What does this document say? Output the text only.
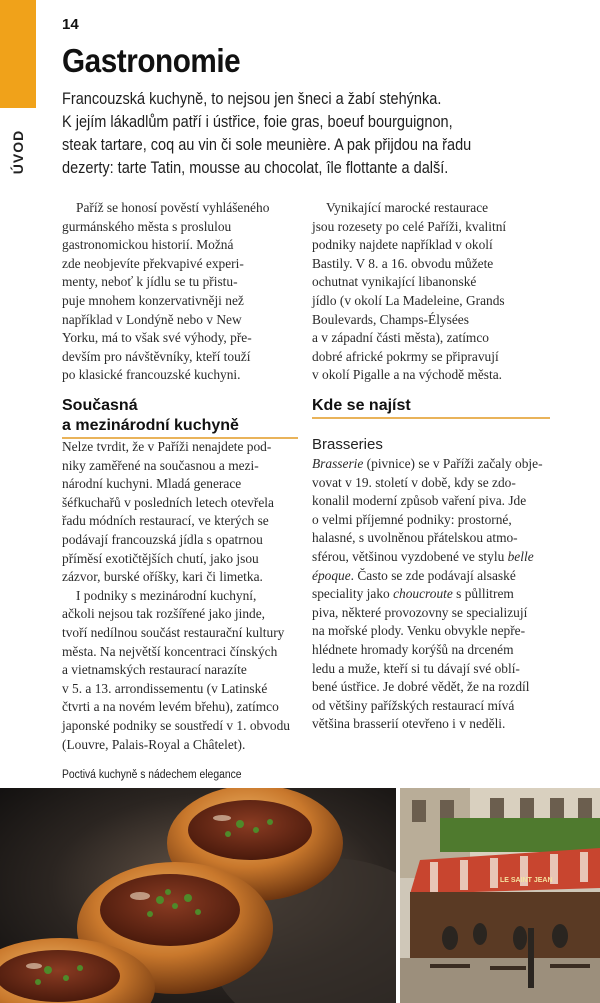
ÚVOD
14
Gastronomie
Francouzská kuchyně, to nejsou jen šneci a žabí stehýnka.
K jejím lákadlům patří i ústřice, foie gras, boeuf bourguignon,
steak tartare, coq au vin či sole meunière. A pak přijdou na řadu
dezerty: tarte Tatin, mousse au chocolat, île flottante a další.
Paříž se honosí pověstí vyhlášeného
gurmánského města s proslulou
gastronomickou historií. Možná
zde neobjevíte překvapivé experi-
menty, neboť k jídlu se tu přistu-
puje mnohem konzervativněji než
například v Londýně nebo v New
Yorku, má to však své výhody, pře-
devším pro návštěvníky, kteří touží
po klasické francouzské kuchyni.
Současná
a mezinárodní kuchyně
Nelze tvrdit, že v Paříži nenajdete pod-
niky zaměřené na současnou a mezi-
národní kuchyni. Mladá generace
šéfkuchařů v posledních letech otevřela
řadu módních restaurací, ve kterých se
podávají francouzská jídla s opatrnou
příměsí exotičtějších chutí, jako jsou
zázvor, burské oříšky, kari či limetka.
I podniky s mezinárodní kuchyní,
ačkoli nejsou tak rozšířené jako jinde,
tvoří nedílnou součást restaurační kultury
města. Na největší koncentraci čínských
a vietnamských restaurací narazíte
v 5. a 13. arrondissementu (v Latinské
čtvrti a na novém levém břehu), zatímco
japonské podniky se soustředí v 1. obvodu
(Louvre, Palais-Royal a Châtelet).
Vynikající marocké restaurace
jsou rozesety po celé Paříži, kvalitní
podniky najdete například v okolí
Bastily. V 8. a 16. obvodu můžete
ochutnat vynikající libanonské
jídlo (v okolí La Madeleine, Grands
Boulevards, Champs-Élysées
a v západní části města), zatímco
dobré africké pokrmy se připravují
v okolí Pigalle a na východě města.
Kde se najíst
Brasseries
Brasserie (pivnice) se v Paříži začaly obje-
vovat v 19. století v době, kdy se zdo-
konalil moderní způsob vaření piva. Jde
o velmi příjemné podniky: prostorné,
halasné, s uvolněnou přátelskou atmo-
sférou, většinou vyzdobené ve stylu belle
époque. Často se zde podávají alsaské
speciality jako choucroute s půllitrem
piva, některé provozovny se specializují
na mořské plody. Venku obvykle nepře-
hlédnete hromady korýšů na drceném
ledu a muže, kteří si tu dávají své oblí-
bené ústřice. Je dobré vědět, že na rozdíl
od většiny pařížských restaurací mívá
většina brasserií otevřeno i v neděli.
Poctivá kuchyně s nádechem elegance
LE SAINT JEAN
